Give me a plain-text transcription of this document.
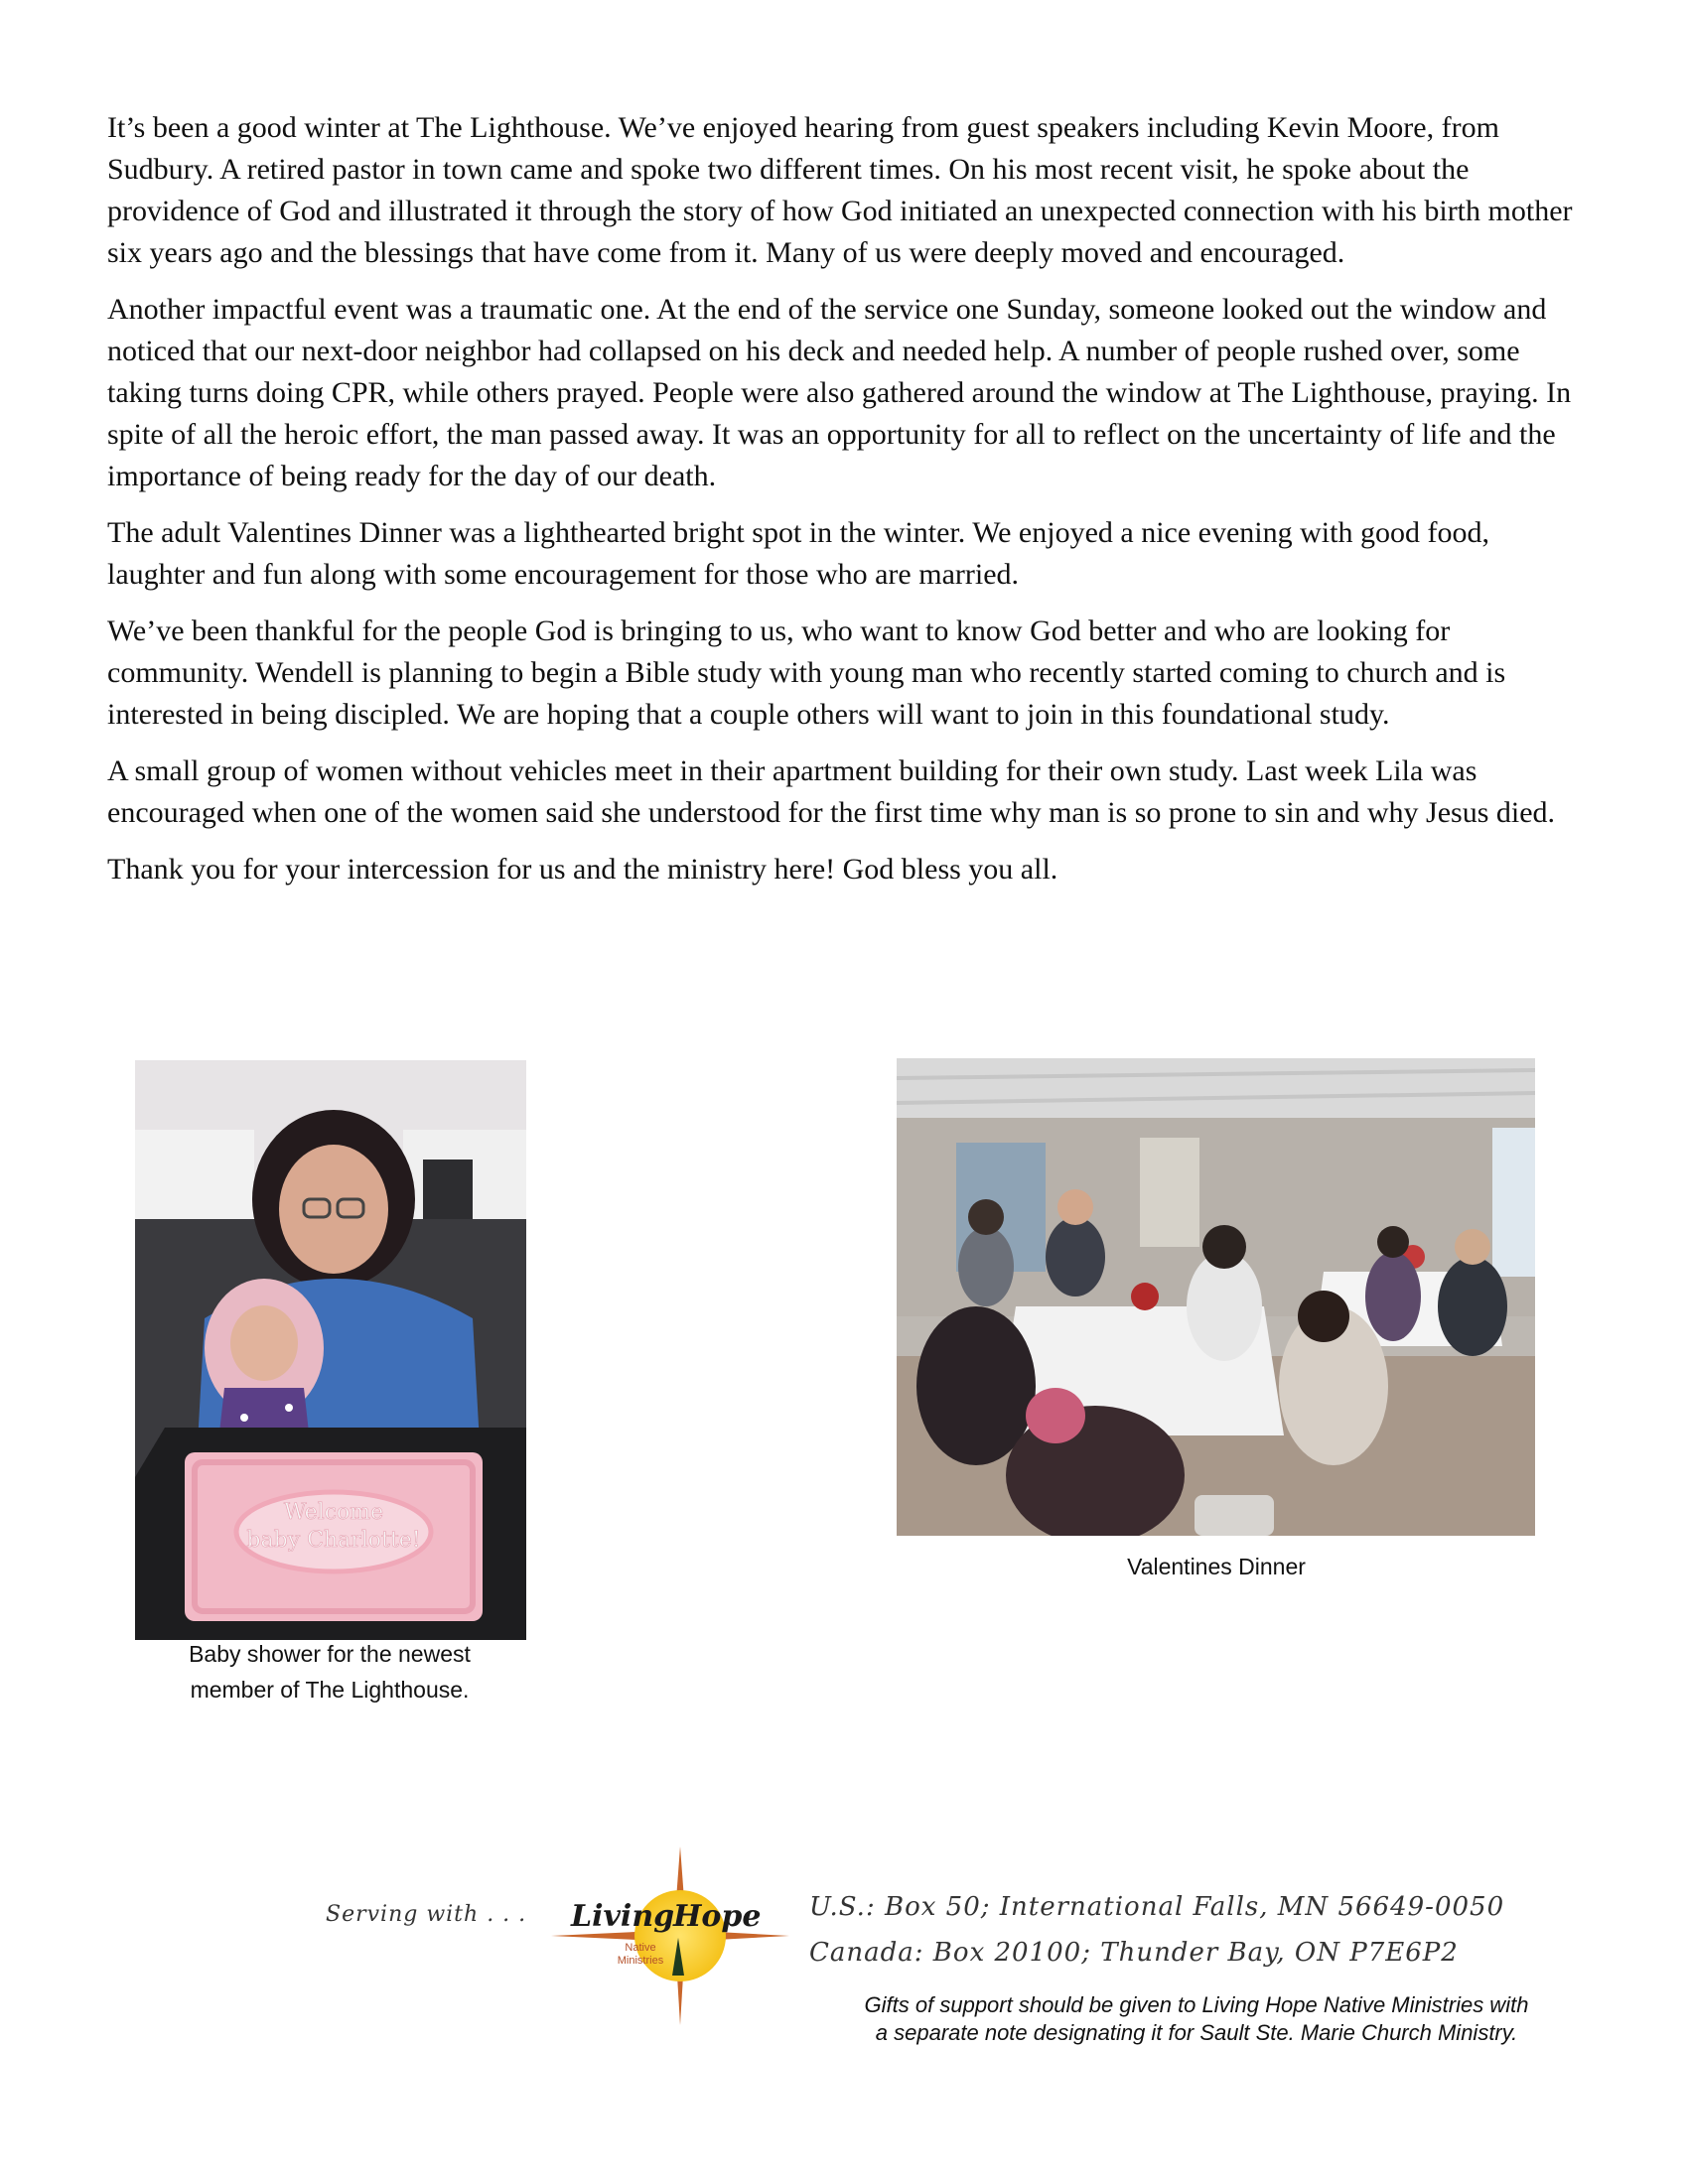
It’s been a good winter at The Lighthouse. We’ve enjoyed hearing from guest speakers including Kevin Moore, from Sudbury. A retired pastor in town came and spoke two different times. On his most recent visit, he spoke about the providence of God and illustrated it through the story of how God initiated an unexpected connection with his birth mother six years ago and the blessings that have come from it. Many of us were deeply moved and encouraged.

Another impactful event was a traumatic one. At the end of the service one Sunday, someone looked out the window and noticed that our next-door neighbor had collapsed on his deck and needed help. A number of people rushed over, some taking turns doing CPR, while others prayed. People were also gathered around the window at The Lighthouse, praying. In spite of all the heroic effort, the man passed away. It was an opportunity for all to reflect on the uncertainty of life and the importance of being ready for the day of our death.

The adult Valentines Dinner was a lighthearted bright spot in the winter. We enjoyed a nice evening with good food, laughter and fun along with some encouragement for those who are married.

We’ve been thankful for the people God is bringing to us, who want to know God better and who are looking for community. Wendell is planning to begin a Bible study with young man who recently started coming to church and is interested in being discipled. We are hoping that a couple others will want to join in this foundational study.

A small group of women without vehicles meet in their apartment building for their own study. Last week Lila was encouraged when one of the women said she understood for the first time why man is so prone to sin and why Jesus died.

Thank you for your intercession for us and the ministry here! God bless you all.

Welcome
baby Charlotte!
Baby shower for the newest
member of The Lighthouse.
Valentines Dinner
Serving with . . . Living
Hope
Native
Ministries
U.S.: Box 50; International Falls, MN 56649-0050
Canada: Box 20100; Thunder Bay, ON P7E6P2
Gifts of support should be given to Living Hope Native Ministries with
a separate note designating it for Sault Ste. Marie Church Ministry.
